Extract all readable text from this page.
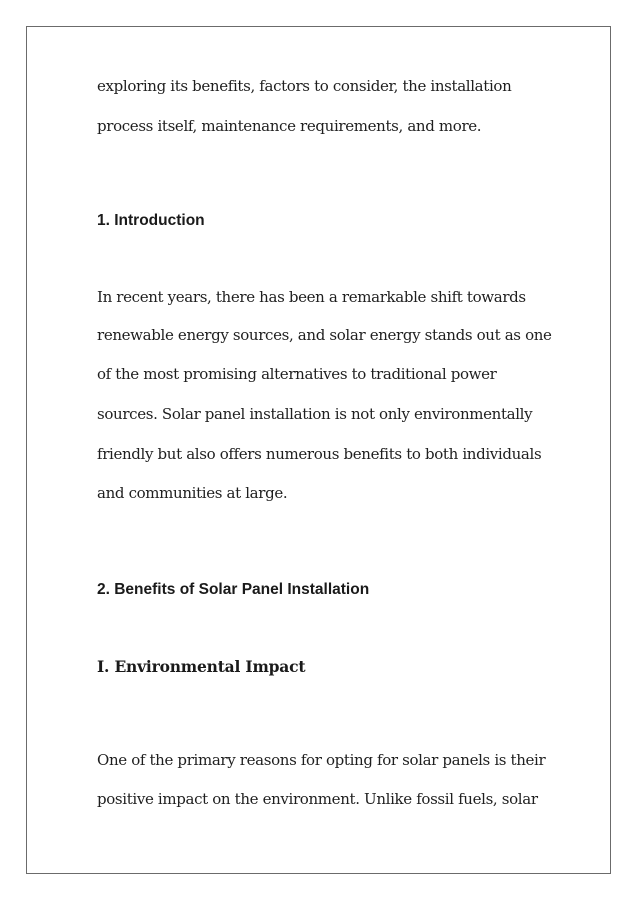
exploring its benefits, factors to consider, the installation
process itself, maintenance requirements, and more.
1. Introduction
In recent years, there has been a remarkable shift towards
renewable energy sources, and solar energy stands out as one
of the most promising alternatives to traditional power
sources. Solar panel installation is not only environmentally
friendly but also offers numerous benefits to both individuals
and communities at large.
2. Benefits of Solar Panel Installation
I. Environmental Impact
One of the primary reasons for opting for solar panels is their
positive impact on the environment. Unlike fossil fuels, solar
